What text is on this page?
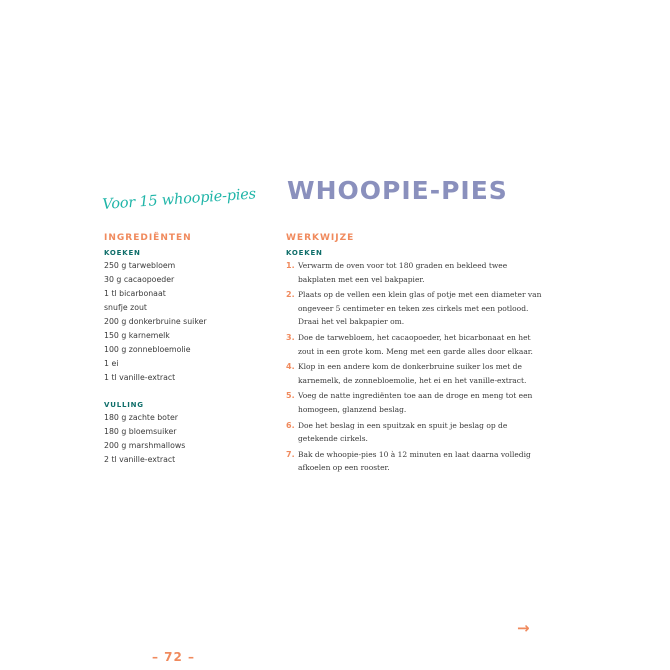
Voor 15 whoopie-pies WHOOPIE-PIES
INGREDIËNTEN
KOEKEN
250 g tarwebloem
30 g cacaopoeder
1 tl bicarbonaat
snufje zout
200 g donkerbruine suiker
150 g karnemelk
100 g zonnebloemolie
1 ei
1 tl vanille-extract
VULLING
180 g zachte boter
180 g bloemsuiker
200 g marshmallows
2 tl vanille-extract
WERKWIJZE
KOEKEN
1. Verwarm de oven voor tot 180 graden en bekleed twee bakplaten met een vel bakpapier.
2. Plaats op de vellen een klein glas of potje met een diameter van ongeveer 5 centimeter en teken zes cirkels met een potlood. Draai het vel bakpapier om.
3. Doe de tarwebloem, het cacaopoeder, het bicarbonaat en het zout in een grote kom. Meng met een garde alles door elkaar.
4. Klop in een andere kom de donkerbruine suiker los met de karnemelk, de zonnebloemolie, het ei en het vanille-extract.
5. Voeg de natte ingrediënten toe aan de droge en meng tot een homogeen, glanzend beslag.
6. Doe het beslag in een spuitzak en spuit je beslag op de getekende cirkels.
7. Bak de whoopie-pies 10 à 12 minuten en laat daarna volledig afkoelen op een rooster.
→
– 72 –
